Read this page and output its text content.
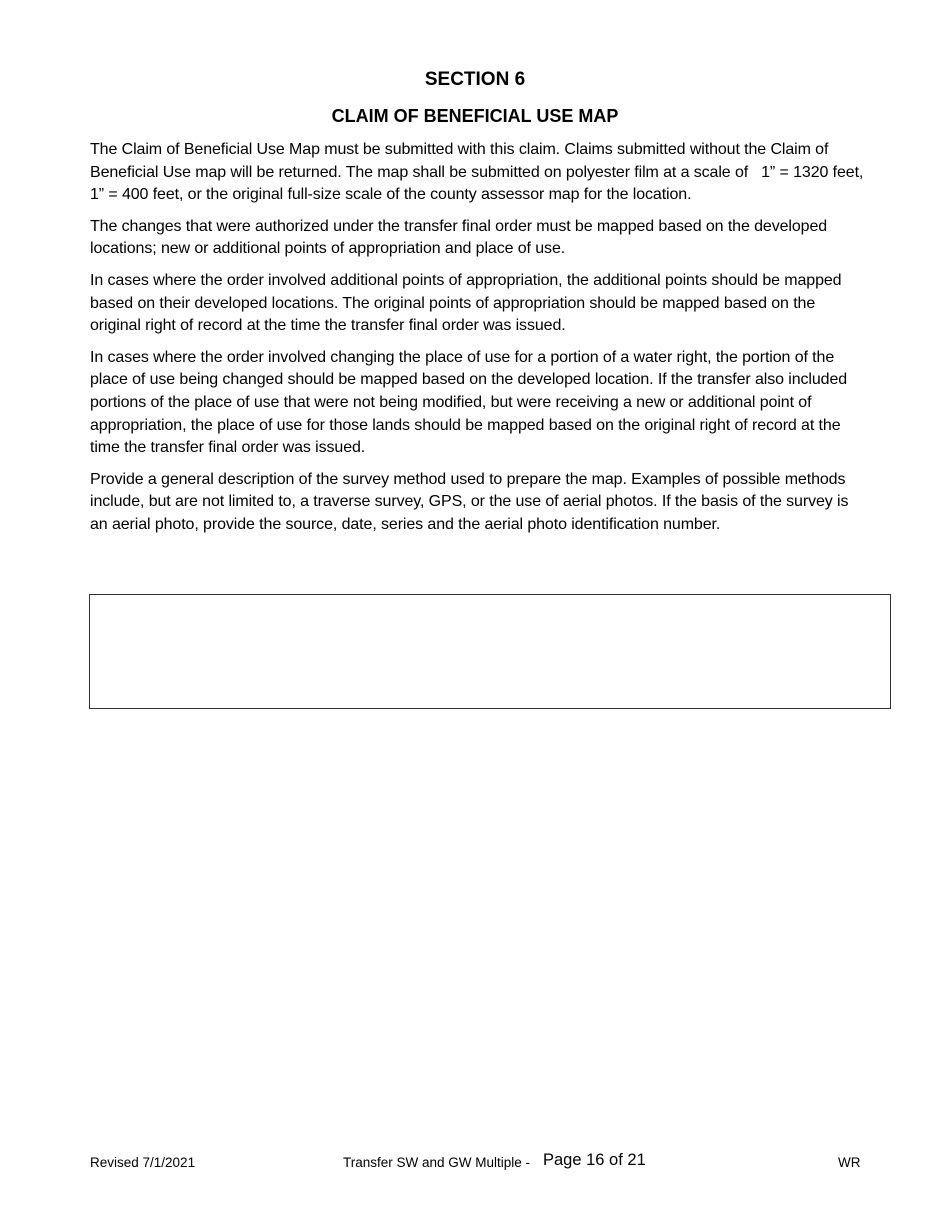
SECTION 6
CLAIM OF BENEFICIAL USE MAP

The Claim of Beneficial Use Map must be submitted with this claim. Claims submitted without the Claim of Beneficial Use map will be returned. The map shall be submitted on polyester film at a scale of   1” = 1320 feet, 1” = 400 feet, or the original full-size scale of the county assessor map for the location.

The changes that were authorized under the transfer final order must be mapped based on the developed locations; new or additional points of appropriation and place of use.

In cases where the order involved additional points of appropriation, the additional points should be mapped based on their developed locations. The original points of appropriation should be mapped based on the original right of record at the time the transfer final order was issued.

In cases where the order involved changing the place of use for a portion of a water right, the portion of the place of use being changed should be mapped based on the developed location. If the transfer also included portions of the place of use that were not being modified, but were receiving a new or additional point of appropriation, the place of use for those lands should be mapped based on the original right of record at the time the transfer final order was issued.

Provide a general description of the survey method used to prepare the map. Examples of possible methods include, but are not limited to, a traverse survey, GPS, or the use of aerial photos. If the basis of the survey is an aerial photo, provide the source, date, series and the aerial photo identification number.

Revised 7/1/2021	Transfer SW and GW Multiple - Page 16 of 21	WR
